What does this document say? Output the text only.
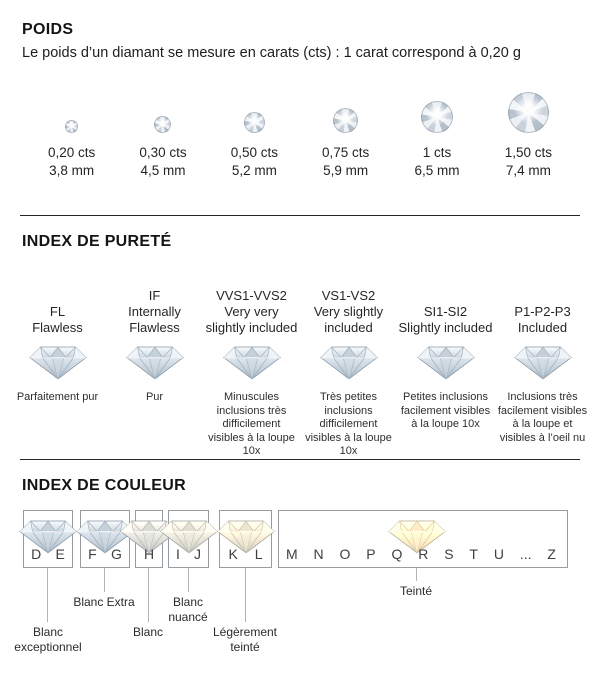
POIDS

Le poids d’un diamant se mesure en carats (cts) : 1 carat correspond à 0,20 g

0,20 cts
3,8 mm
0,30 cts
4,5 mm
0,50 cts
5,2 mm
0,75 cts
5,9 mm
1 cts
6,5 mm
1,50 cts
7,4 mm
INDEX DE PURETÉ
FL
Flawless
Parfaitement pur
IF
Internally Flawless
Pur
VVS1-VVS2
Very very slightly included
Minuscules inclusions très difficilement visibles à la loupe 10x
VS1-VS2
Very slightly included
Très petites inclusions difficilement visibles à la loupe 10x
SI1-SI2
Slightly included
Petites inclusions facilement visibles à la loupe 10x
P1-P2-P3
Included
Inclusions très facilement visibles à la loupe et visibles à l’oeil nu
INDEX DE COULEUR
D E F G H I J K L M N O P Q R S T U ... Z
Blanc exceptionnel
Blanc Extra
Blanc
Blanc nuancé
Légèrement teinté
Teinté
